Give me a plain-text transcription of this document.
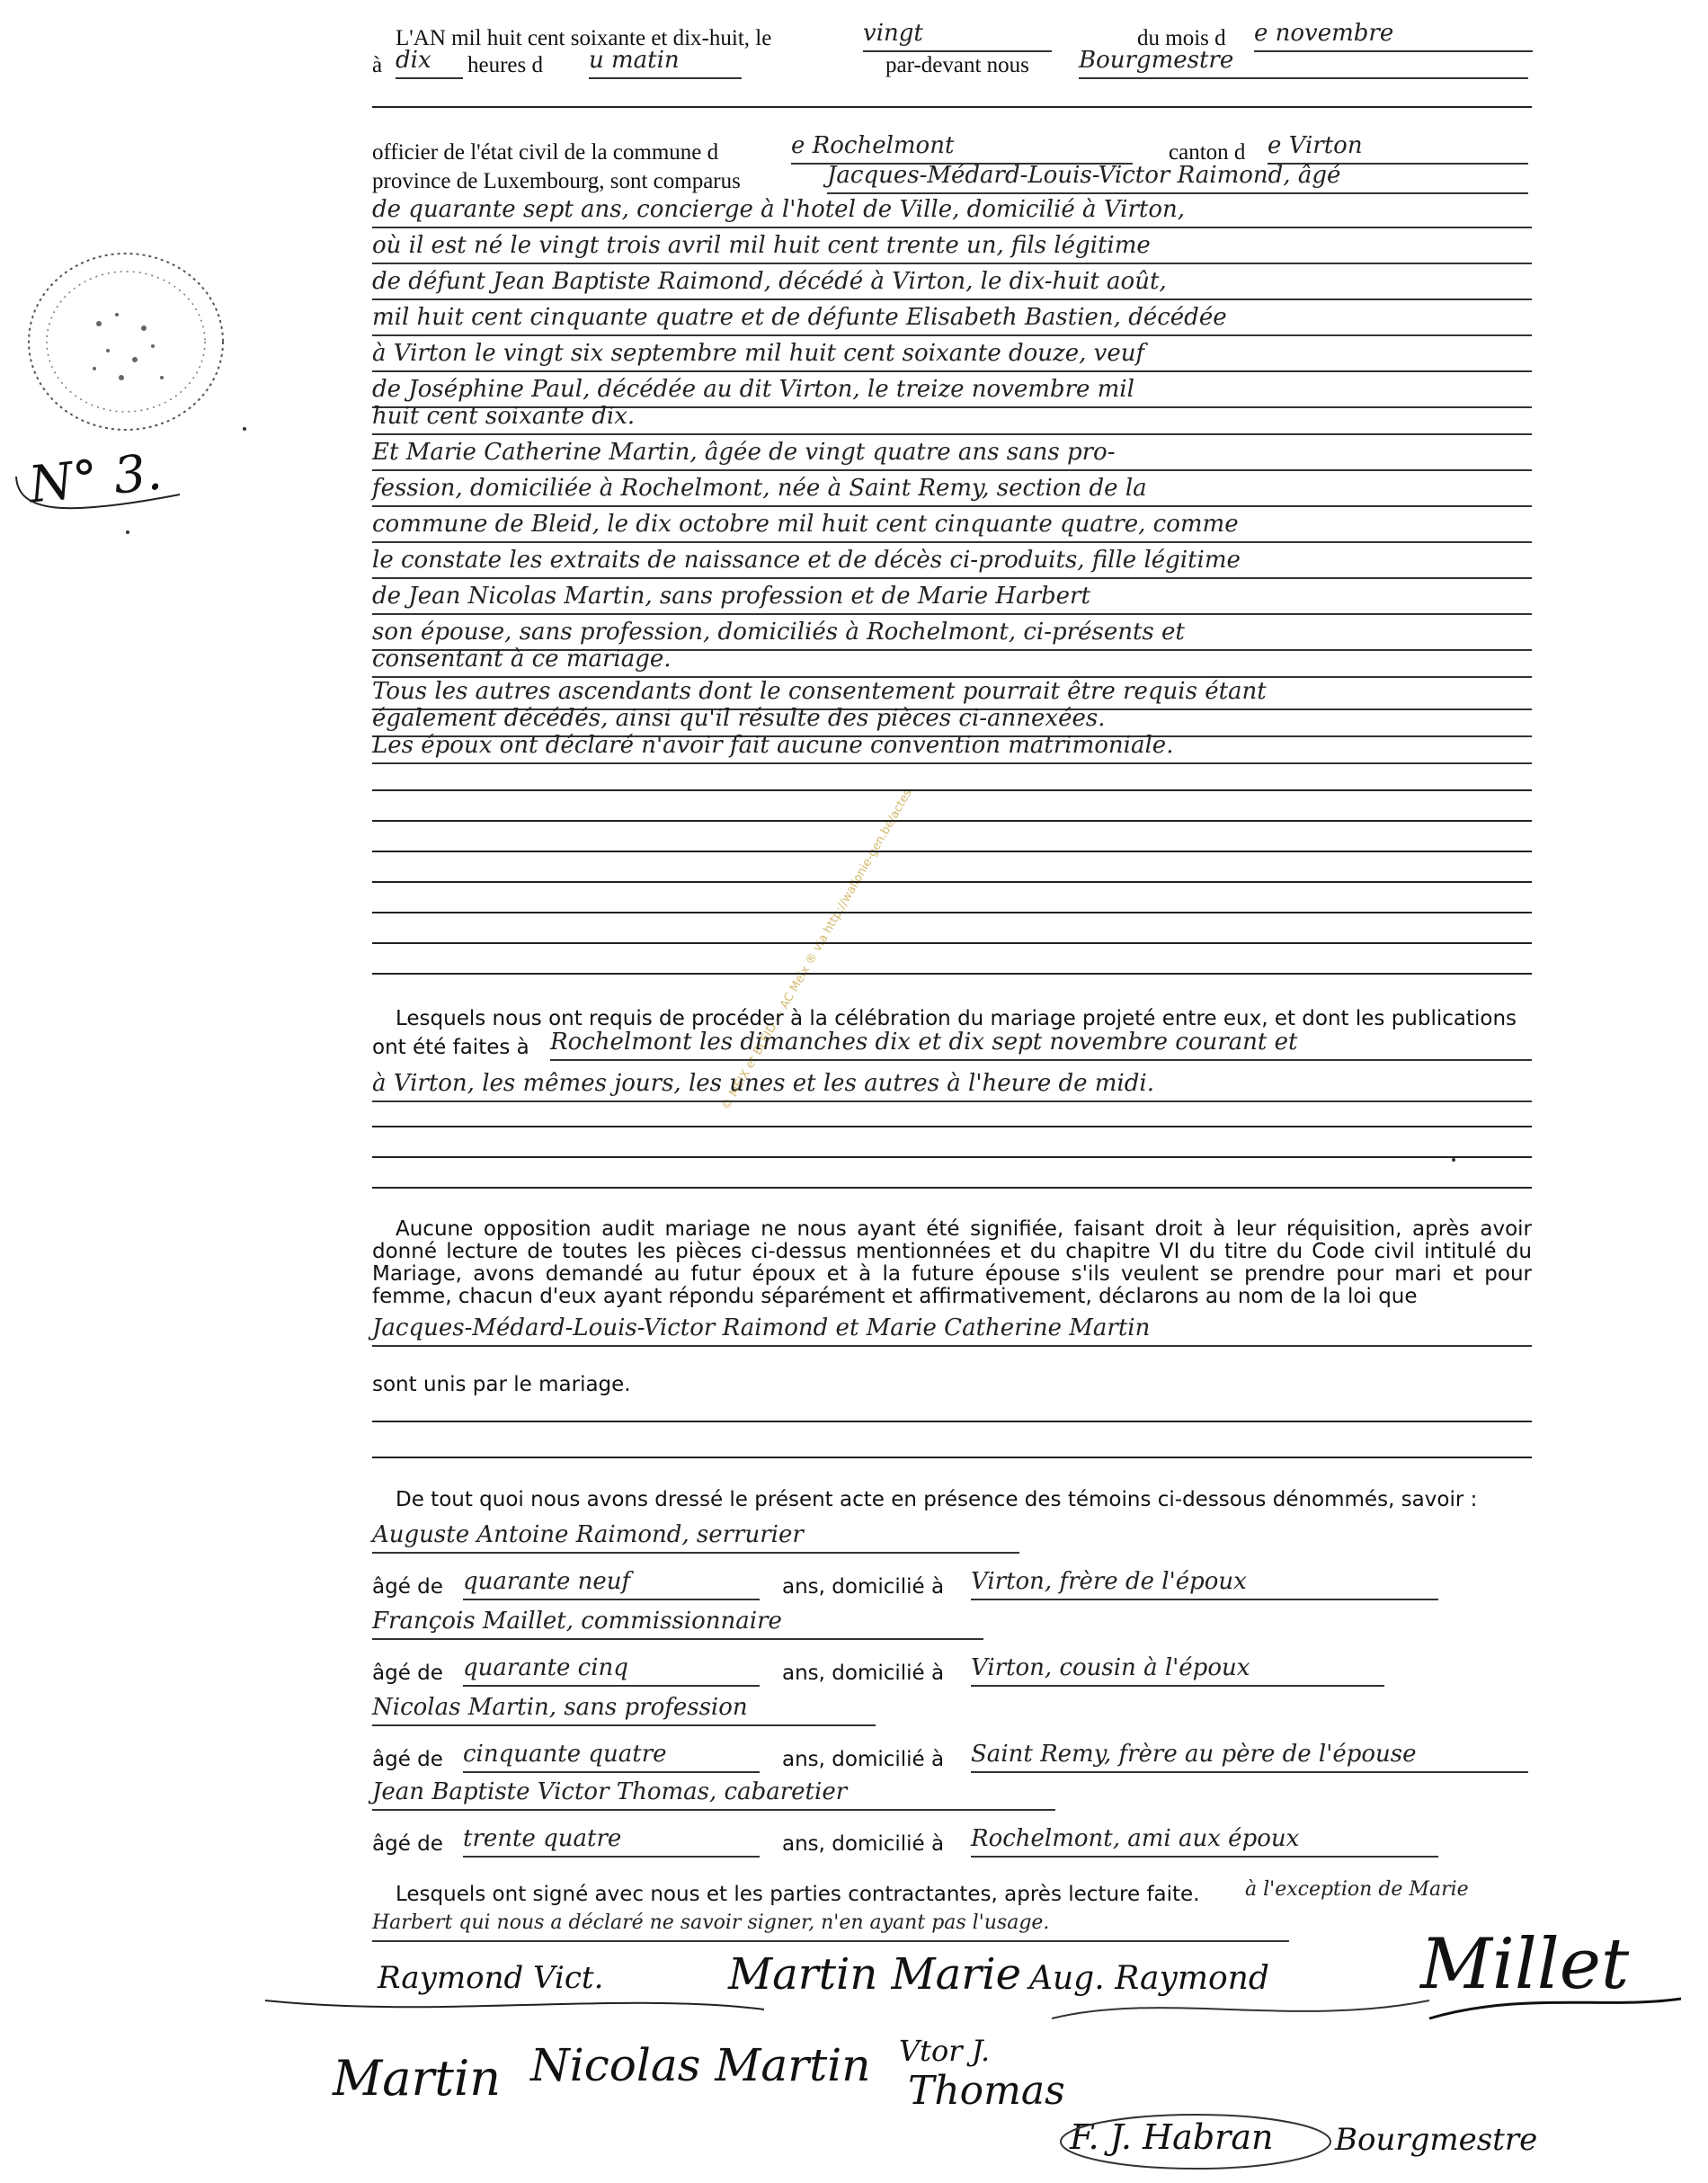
N° 3.
© MEIX et BLEID — AC Meix ® via http://wallonie-gen.be/actes
L'AN mil huit cent soixante et dix-huit, le	vingt	du mois d e novembre
à dix	heures d u matin	par-devant nous Bourgmestre
officier de l'état civil de la commune d	e Rochelmont	canton d e Virton
province de Luxembourg, sont comparus	Jacques-Médard-Louis-Victor Raimond, âgé
de quarante sept ans, concierge à l'hotel de Ville, domicilié à Virton,
où il est né le vingt trois avril mil huit cent trente un, fils légitime
de défunt Jean Baptiste Raimond, décédé à Virton, le dix-huit août,
mil huit cent cinquante quatre et de défunte Elisabeth Bastien, décédée
à Virton le vingt six septembre mil huit cent soixante douze, veuf
de Joséphine Paul, décédée au dit Virton, le treize novembre mil
huit cent soixante dix.
Et Marie Catherine Martin, âgée de vingt quatre ans sans pro-
fession, domiciliée à Rochelmont, née à Saint Remy, section de la
commune de Bleid, le dix octobre mil huit cent cinquante quatre, comme
le constate les extraits de naissance et de décès ci-produits, fille légitime
de Jean Nicolas Martin, sans profession et de Marie Harbert
son épouse, sans profession, domiciliés à Rochelmont, ci-présents et
consentant à ce mariage.
Tous les autres ascendants dont le consentement pourrait être requis étant
également décédés, ainsi qu'il résulte des pièces ci-annexées.
Les époux ont déclaré n'avoir fait aucune convention matrimoniale.
Lesquels nous ont requis de procéder à la célébration du mariage projeté entre eux, et dont les publications
ont été faites à Rochelmont les dimanches dix et dix sept novembre courant et
à Virton, les mêmes jours, les unes et les autres à l'heure de midi.
Aucune opposition audit mariage ne nous ayant été signifiée, faisant droit à leur réquisition, après avoir donné lecture de toutes les pièces ci-dessus mentionnées et du chapitre VI du titre du Code civil intitulé du Mariage, avons demandé au futur époux et à la future épouse s'ils veulent se prendre pour mari et pour femme, chacun d'eux ayant répondu séparément et affirmativement, déclarons au nom de la loi que
Jacques-Médard-Louis-Victor Raimond et Marie Catherine Martin
sont unis par le mariage.
De tout quoi nous avons dressé le présent acte en présence des témoins ci-dessous dénommés, savoir :
Auguste Antoine Raimond, serrurier
âgé de quarante neuf	ans, domicilié à Virton, frère de l'époux
François Maillet, commissionnaire
âgé de quarante cinq	ans, domicilié à Virton, cousin à l'époux
Nicolas Martin, sans profession
âgé de cinquante quatre	ans, domicilié à Saint Remy, frère au père de l'épouse
Jean Baptiste Victor Thomas, cabaretier
âgé de trente quatre	ans, domicilié à Rochelmont, ami aux époux
Lesquels ont signé avec nous et les parties contractantes, après lecture faite. à l'exception de Marie
Harbert qui nous a déclaré ne savoir signer, n'en ayant pas l'usage.
Raymond Vict.	Martin Marie Aug. Raymond Millet
Martin Nicolas Martin Vtor J.
Thomas
F. J. Habran Bourgmestre
